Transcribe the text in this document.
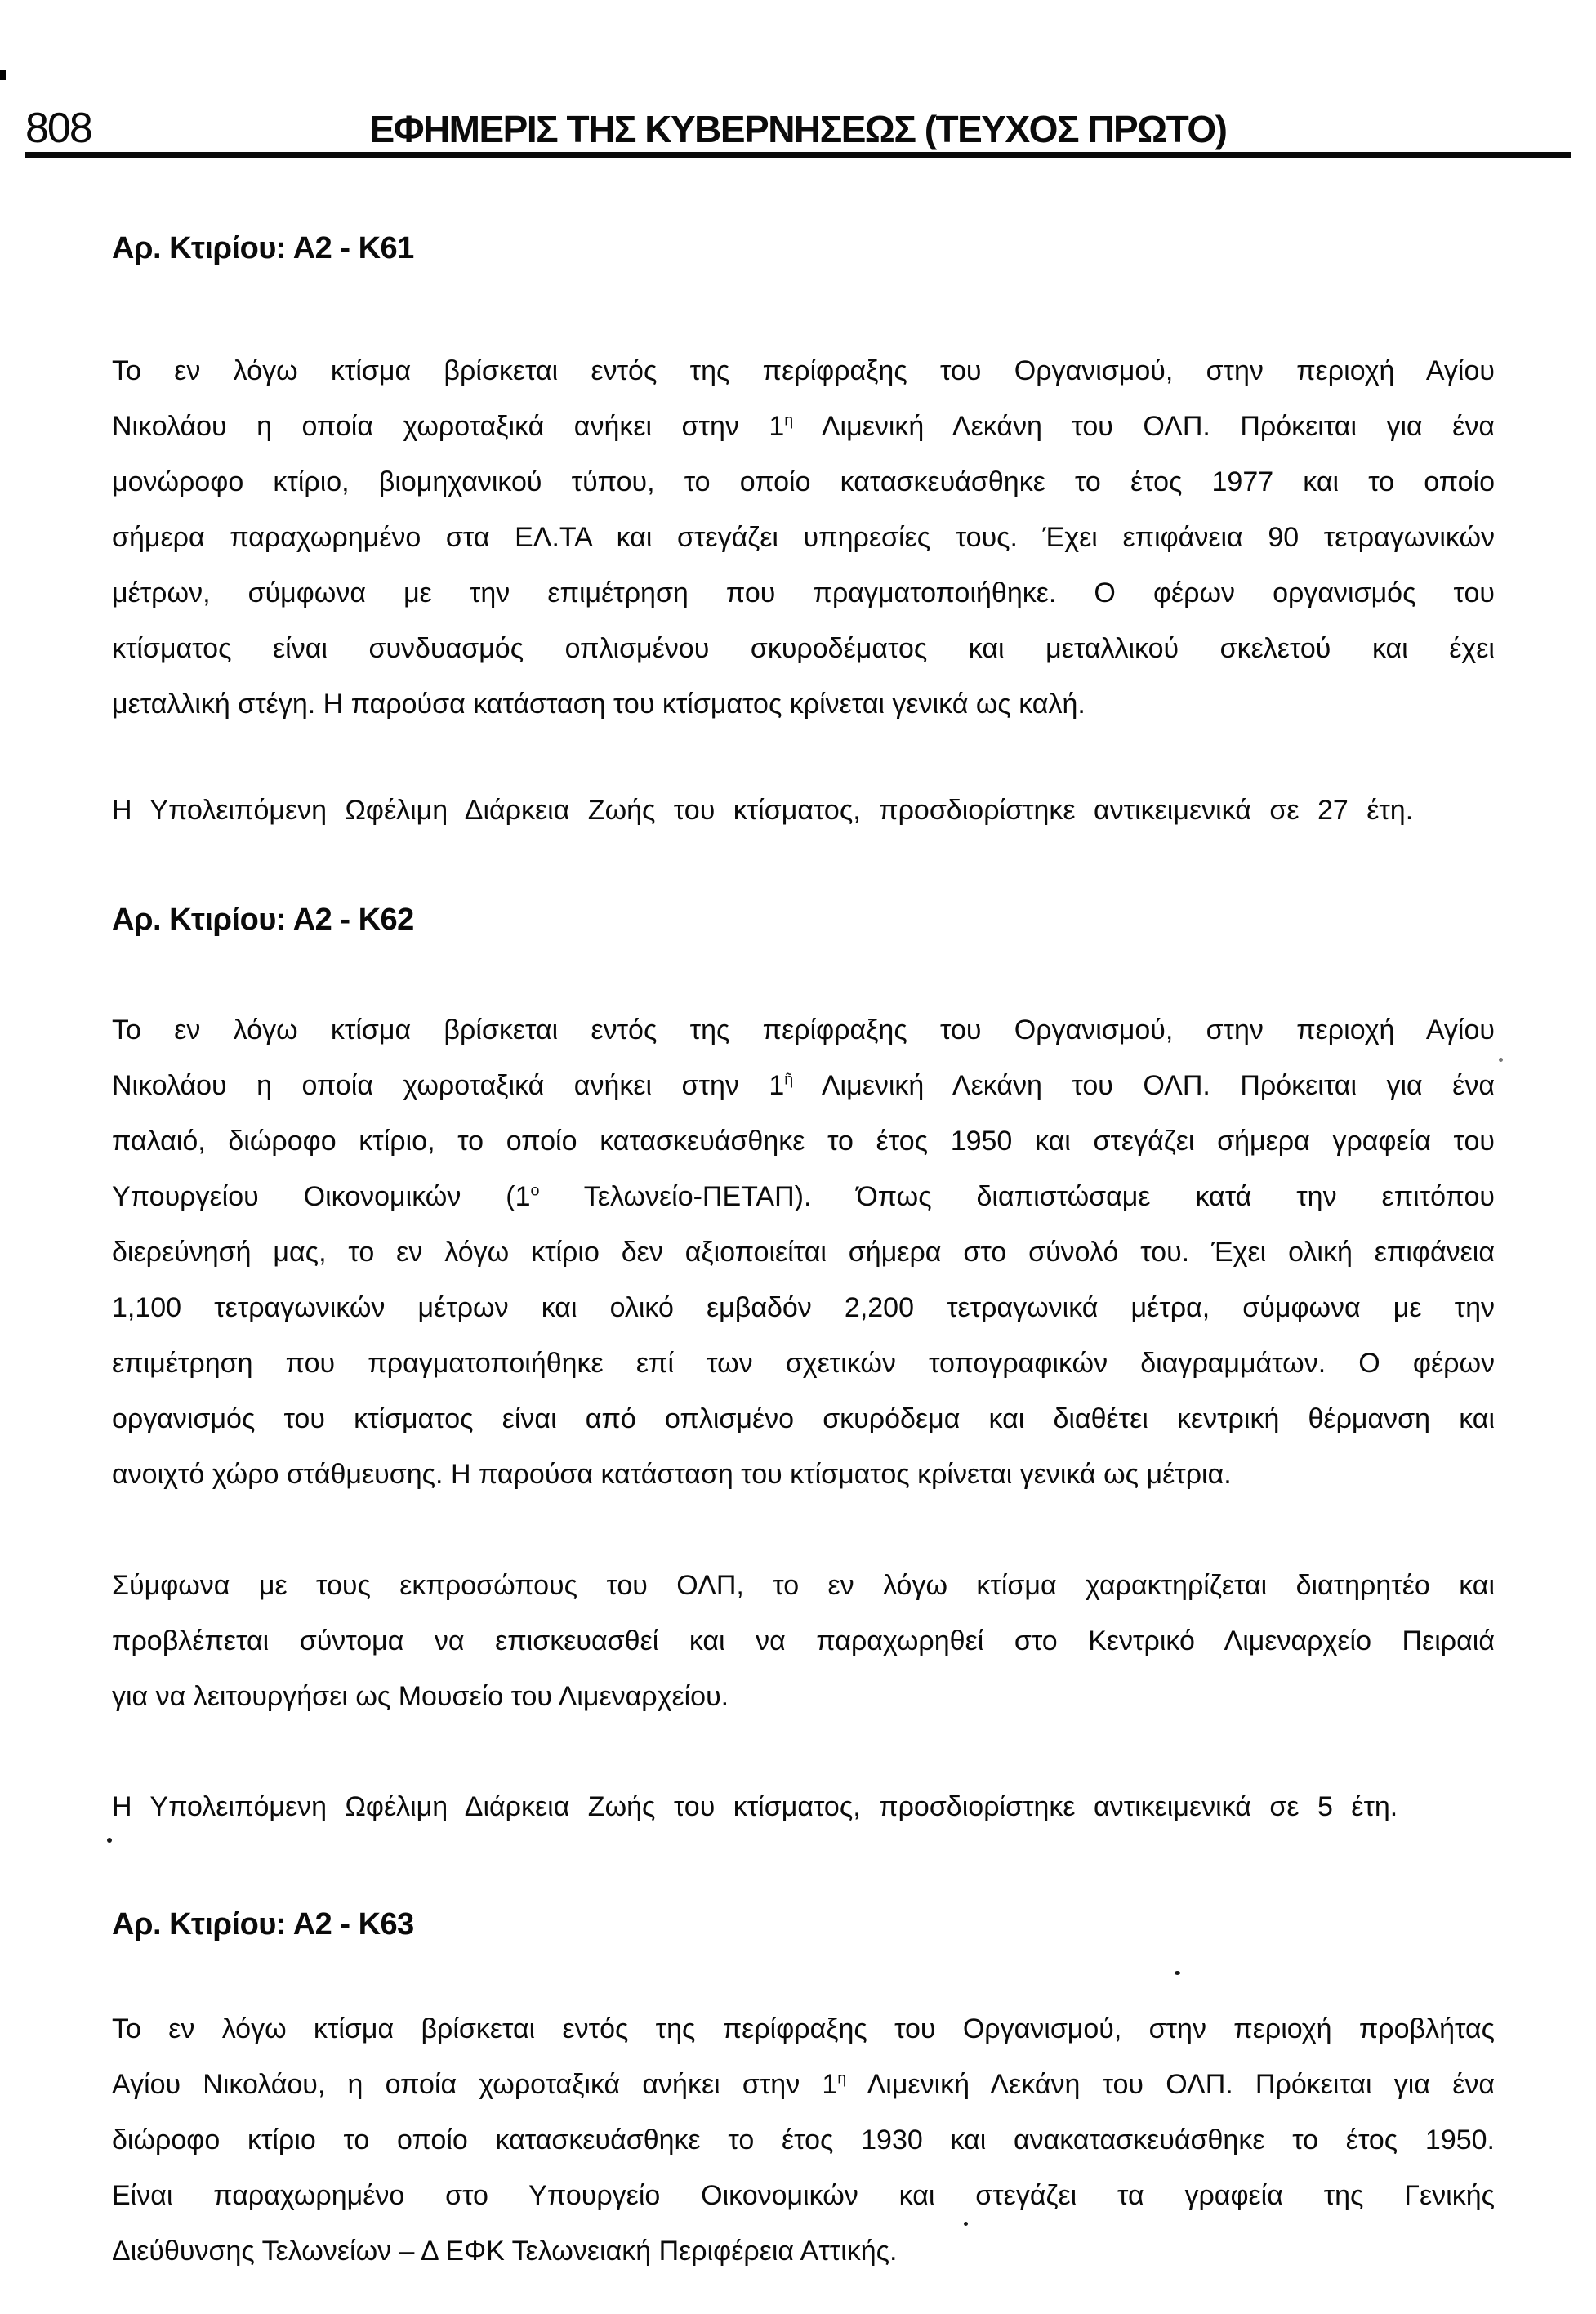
808	ΕΦΗΜΕΡΙΣ ΤΗΣ ΚΥΒΕΡΝΗΣΕΩΣ (ΤΕΥΧΟΣ ΠΡΩΤΟ)
Αρ. Κτιρίου: Α2 - Κ61
Το εν λόγω κτίσμα βρίσκεται εντός της περίφραξης του Οργανισμού, στην περιοχή Αγίου
Νικολάου η οποία χωροταξικά ανήκει στην $1^\eta$ Λιμενική Λεκάνη του ΟΛΠ. Πρόκειται για ένα
μονώροφο κτίριο, βιομηχανικού τύπου, το οποίο κατασκευάσθηκε το έτος 1977 και το οποίο
σήμερα παραχωρημένο στα ΕΛ.ΤΑ και στεγάζει υπηρεσίες τους. Έχει επιφάνεια 90 τετραγωνικών
μέτρων, σύμφωνα με την επιμέτρηση που πραγματοποιήθηκε. Ο φέρων οργανισμός του
κτίσματος είναι συνδυασμός οπλισμένου σκυροδέματος και μεταλλικού σκελετού και έχει
μεταλλική στέγη. Η παρούσα κατάσταση του κτίσματος κρίνεται γενικά ως καλή.
Η Υπολειπόμενη Ωφέλιμη Διάρκεια Ζωής του κτίσματος, προσδιορίστηκε αντικειμενικά σε 27 έτη.
Αρ. Κτιρίου: Α2 - Κ62
Το εν λόγω κτίσμα βρίσκεται εντός της περίφραξης του Οργανισμού, στην περιοχή Αγίου
Νικολάου η οποία χωροταξικά ανήκει στην $1^ῆ$ Λιμενική Λεκάνη του ΟΛΠ. Πρόκειται για ένα
παλαιό, διώροφο κτίριο, το οποίο κατασκευάσθηκε το έτος 1950 και στεγάζει σήμερα γραφεία του
Υπουργείου Οικονομικών ($1^o$ Τελωνείο-ΠΕΤΑΠ). Όπως διαπιστώσαμε κατά την επιτόπου
διερεύνησή μας, το εν λόγω κτίριο δεν αξιοποιείται σήμερα στο σύνολό του. Έχει ολική επιφάνεια
1,100 τετραγωνικών μέτρων και ολικό εμβαδόν 2,200 τετραγωνικά μέτρα, σύμφωνα με την
επιμέτρηση που πραγματοποιήθηκε επί των σχετικών τοπογραφικών διαγραμμάτων. Ο φέρων
οργανισμός του κτίσματος είναι από οπλισμένο σκυρόδεμα και διαθέτει κεντρική θέρμανση και
ανοιχτό χώρο στάθμευσης. Η παρούσα κατάσταση του κτίσματος κρίνεται γενικά ως μέτρια.
Σύμφωνα με τους εκπροσώπους του ΟΛΠ, το εν λόγω κτίσμα χαρακτηρίζεται διατηρητέο και
προβλέπεται σύντομα να επισκευασθεί και να παραχωρηθεί στο Κεντρικό Λιμεναρχείο Πειραιά
για να λειτουργήσει ως Μουσείο του Λιμεναρχείου.
Η Υπολειπόμενη Ωφέλιμη Διάρκεια Ζωής του κτίσματος, προσδιορίστηκε αντικειμενικά σε 5 έτη.
Αρ. Κτιρίου: Α2 - Κ63
Το εν λόγω κτίσμα βρίσκεται εντός της περίφραξης του Οργανισμού, στην περιοχή προβλήτας
Αγίου Νικολάου, η οποία χωροταξικά ανήκει στην $1^\eta$ Λιμενική Λεκάνη του ΟΛΠ. Πρόκειται για ένα
διώροφο κτίριο το οποίο κατασκευάσθηκε το έτος 1930 και ανακατασκευάσθηκε το έτος 1950.
Είναι παραχωρημένο στο Υπουργείο Οικονομικών και στεγάζει τα γραφεία της Γενικής
Διεύθυνσης Τελωνείων – Δ ΕΦΚ Τελωνειακή Περιφέρεια Αττικής.
